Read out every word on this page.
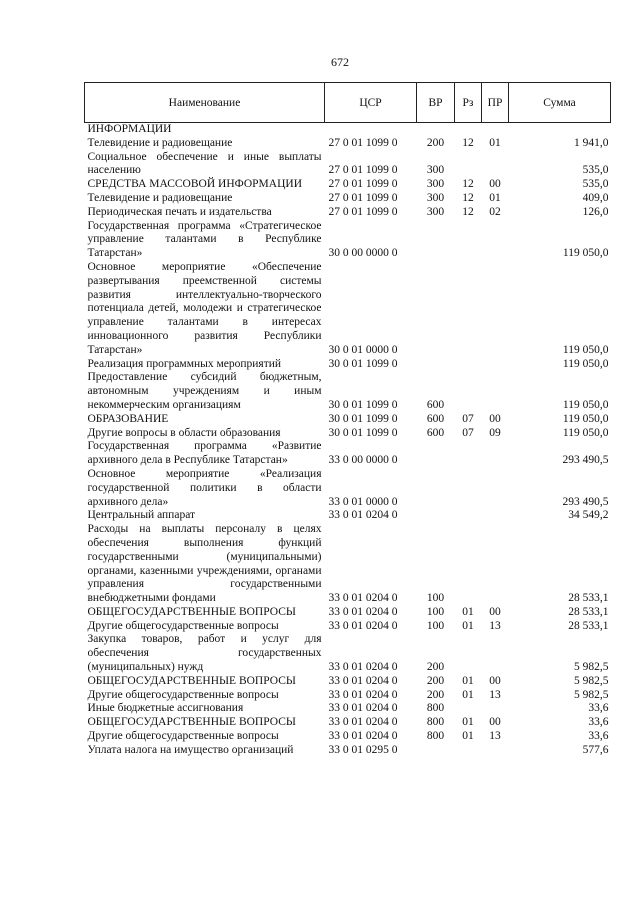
672
Наименование	ЦСР	ВР	Рз	ПР	Сумма
ИНФОРМАЦИИ					
Телевидение и радиовещание	27 0 01 1099 0	200	12	01	1 941,0
Социальное обеспечение и иные выплаты населению	27 0 01 1099 0	300			535,0
СРЕДСТВА МАССОВОЙ ИНФОРМАЦИИ	27 0 01 1099 0	300	12	00	535,0
Телевидение и радиовещание	27 0 01 1099 0	300	12	01	409,0
Периодическая печать и издательства	27 0 01 1099 0	300	12	02	126,0
Государственная программа «Стратегическое управление талантами в Республике Татарстан»	30 0 00 0000 0				119 050,0
Основное мероприятие «Обеспечение развертывания преемственной системы развития интеллектуально-творческого потенциала детей, молодежи и стратегическое управление талантами в интересах инновационного развития Республики Татарстан»	30 0 01 0000 0				119 050,0
Реализация программных мероприятий	30 0 01 1099 0				119 050,0
Предоставление субсидий бюджетным, автономным учреждениям и иным некоммерческим организациям	30 0 01 1099 0	600			119 050,0
ОБРАЗОВАНИЕ	30 0 01 1099 0	600	07	00	119 050,0
Другие вопросы в области образования	30 0 01 1099 0	600	07	09	119 050,0
Государственная программа «Развитие архивного дела в Республике Татарстан»	33 0 00 0000 0				293 490,5
Основное мероприятие «Реализация государственной политики в области архивного дела»	33 0 01 0000 0				293 490,5
Центральный аппарат	33 0 01 0204 0				34 549,2
Расходы на выплаты персоналу в целях обеспечения выполнения функций государственными (муниципальными) органами, казенными учреждениями, органами управления государственными внебюджетными фондами	33 0 01 0204 0	100			28 533,1
ОБЩЕГОСУДАРСТВЕННЫЕ ВОПРОСЫ	33 0 01 0204 0	100	01	00	28 533,1
Другие общегосударственные вопросы	33 0 01 0204 0	100	01	13	28 533,1
Закупка товаров, работ и услуг для обеспечения государственных (муниципальных) нужд	33 0 01 0204 0	200			5 982,5
ОБЩЕГОСУДАРСТВЕННЫЕ ВОПРОСЫ	33 0 01 0204 0	200	01	00	5 982,5
Другие общегосударственные вопросы	33 0 01 0204 0	200	01	13	5 982,5
Иные бюджетные ассигнования	33 0 01 0204 0	800			33,6
ОБЩЕГОСУДАРСТВЕННЫЕ ВОПРОСЫ	33 0 01 0204 0	800	01	00	33,6
Другие общегосударственные вопросы	33 0 01 0204 0	800	01	13	33,6
Уплата налога на имущество организаций	33 0 01 0295 0				577,6
